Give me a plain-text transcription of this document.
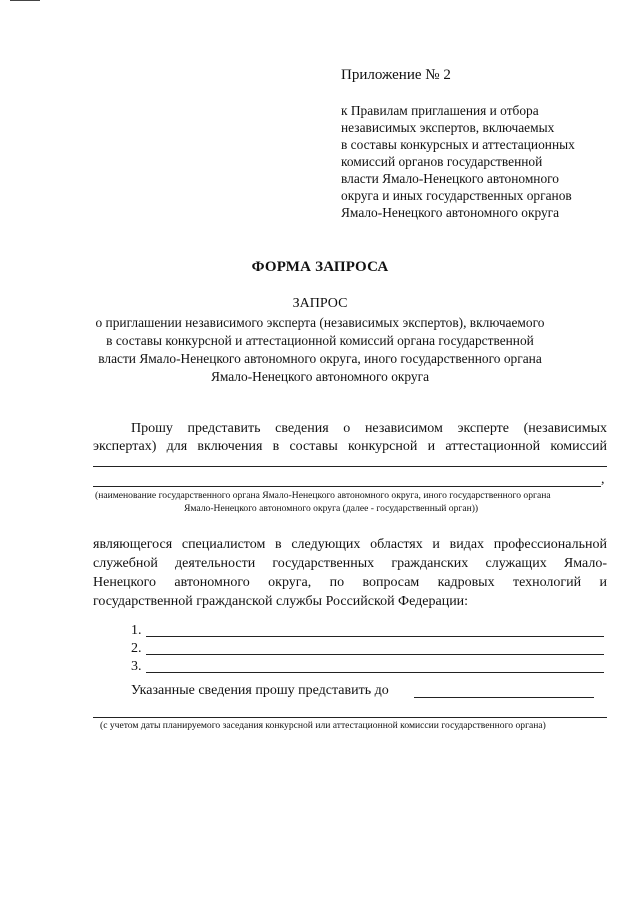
Приложение № 2
к Правилам приглашения и отбора
независимых экспертов, включаемых
в составы конкурсных и аттестационных
комиссий органов государственной
власти Ямало-Ненецкого автономного
округа и иных государственных органов
Ямало-Ненецкого автономного округа
ФОРМА ЗАПРОСА
ЗАПРОС
о приглашении независимого эксперта (независимых экспертов), включаемого
в составы конкурсной и аттестационной комиссий органа государственной
власти Ямало-Ненецкого автономного округа, иного государственного органа
Ямало-Ненецкого автономного округа
Прошу представить сведения о независимом эксперте (независимых
экспертах) для включения в составы конкурсной и аттестационной комиссий
,
(наименование государственного органа Ямало-Ненецкого автономного округа, иного государственного органа
Ямало-Ненецкого автономного округа (далее - государственный орган))
являющегося специалистом в следующих областях и видах профессиональной
служебной деятельности государственных гражданских служащих Ямало-
Ненецкого автономного округа, по вопросам кадровых технологий и
государственной гражданской службы Российской Федерации:
1.
2.
3.
Указанные сведения прошу представить до
(с учетом даты планируемого заседания конкурсной или аттестационной комиссии государственного органа)
